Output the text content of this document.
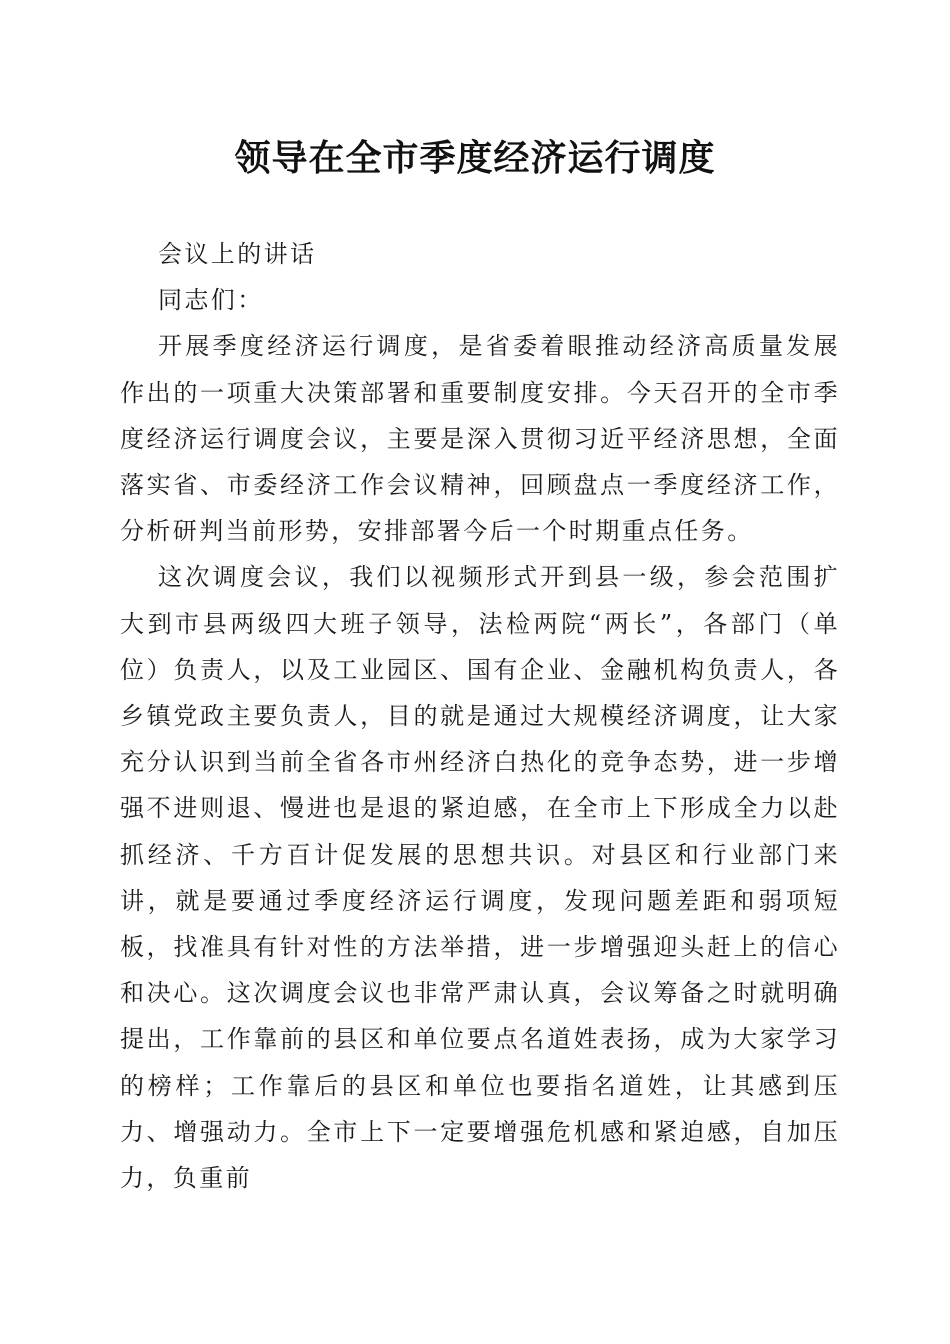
领导在全市季度经济运行调度

会议上的讲话

同志们：

开展季度经济运行调度，是省委着眼推动经济高质量发展作出的一项重大决策部署和重要制度安排。今天召开的全市季度经济运行调度会议，主要是深入贯彻习近平经济思想，全面落实省、市委经济工作会议精神，回顾盘点一季度经济工作，分析研判当前形势，安排部署今后一个时期重点任务。

这次调度会议，我们以视频形式开到县一级，参会范围扩大到市县两级四大班子领导，法检两院“两长”，各部门（单位）负责人，以及工业园区、国有企业、金融机构负责人，各乡镇党政主要负责人，目的就是通过大规模经济调度，让大家充分认识到当前全省各市州经济白热化的竞争态势，进一步增强不进则退、慢进也是退的紧迫感，在全市上下形成全力以赴抓经济、千方百计促发展的思想共识。对县区和行业部门来讲，就是要通过季度经济运行调度，发现问题差距和弱项短板，找准具有针对性的方法举措，进一步增强迎头赶上的信心和决心。这次调度会议也非常严肃认真，会议筹备之时就明确提出，工作靠前的县区和单位要点名道姓表扬，成为大家学习的榜样；工作靠后的县区和单位也要指名道姓，让其感到压力、增强动力。全市上下一定要增强危机感和紧迫感，自加压力，负重前
